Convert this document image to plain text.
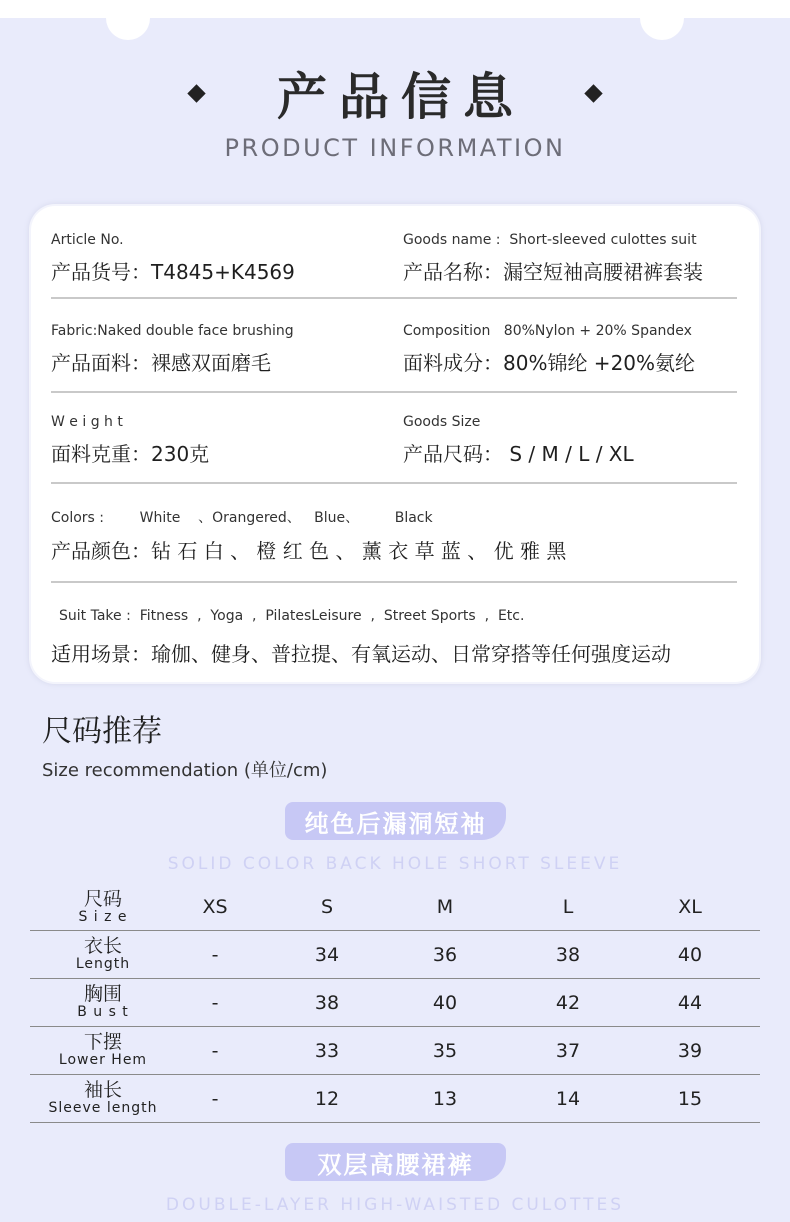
产品信息
PRODUCT INFORMATION
Article No.
产品货号：T4845+K4569
Goods name :  Short-sleeved culottes suit
产品名称：漏空短袖高腰裙裤套装
Fabric:Naked double face brushing
产品面料：裸感双面磨毛
Composition   80%Nylon + 20% Spandex
面料成分：80%锦纶 +20%氨纶
W e i g h t
面料克重：230克
Goods Size
产品尺码： S / M / L / XL
Colors :        White    、Orangered、   Blue、        Black
产品颜色：钻 石 白 、 橙 红 色 、 薰 衣 草 蓝 、 优 雅 黑
Suit Take :  Fitness  ,  Yoga  ,  PilatesLeisure  ,  Street Sports  ,  Etc.
适用场景：瑜伽、健身、普拉提、有氧运动、日常穿搭等任何强度运动
尺码推荐
Size recommendation (单位/cm)
纯色后漏洞短袖
SOLID COLOR BACK HOLE SHORT SLEEVE
尺码
S i z e	XS	S	M	L	XL
衣长
Length	-	34	36	38	40
胸围
B u s t	-	38	40	42	44
下摆
Lower Hem	-	33	35	37	39
袖长
Sleeve length	-	12	13	14	15
双层高腰裙裤
DOUBLE-LAYER HIGH-WAISTED CULOTTES
